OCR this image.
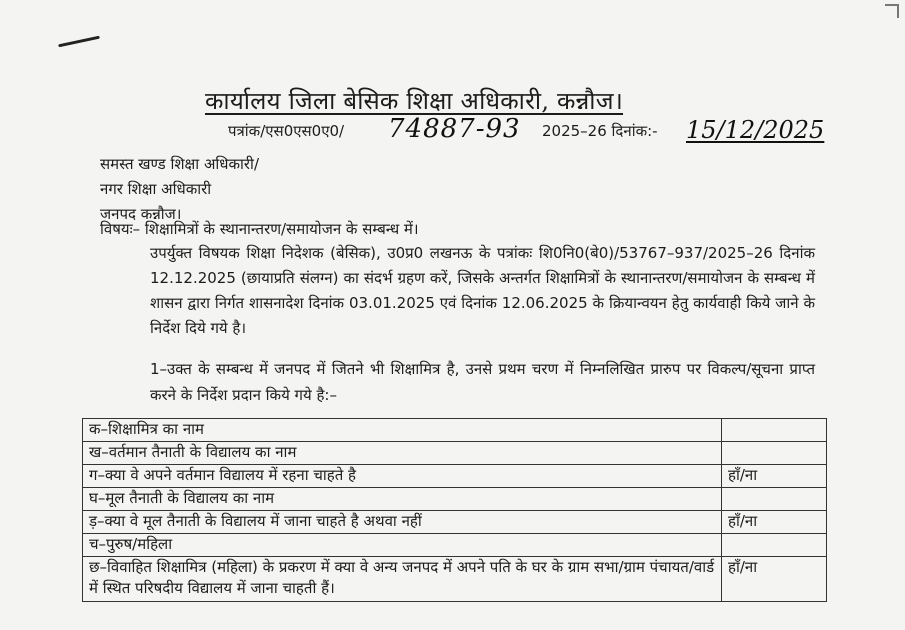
कार्यालय जिला बेसिक शिक्षा अधिकारी, कन्नौज।
पत्रांक/एस0एस0ए0/ 74887-93 2025–26 दिनांक:- 15/12/2025
समस्त खण्ड शिक्षा अधिकारी/
नगर शिक्षा अधिकारी
जनपद कन्नौज।
विषयः– शिक्षामित्रों के स्थानान्तरण/समायोजन के सम्बन्ध में।
उपर्युक्त विषयक शिक्षा निदेशक (बेसिक), उ0प्र0 लखनऊ के पत्रांकः शि0नि0(बे0)/53767–937/2025–26 दिनांक 12.12.2025 (छायाप्रति संलग्न) का संदर्भ ग्रहण करें, जिसके अन्तर्गत शिक्षामित्रों के स्थानान्तरण/समायोजन के सम्बन्ध में शासन द्वारा निर्गत शासनादेश दिनांक 03.01.2025 एवं दिनांक 12.06.2025 के क्रियान्वयन हेतु कार्यवाही किये जाने के निर्देश दिये गये है।
1–उक्त के सम्बन्ध में जनपद में जितने भी शिक्षामित्र है, उनसे प्रथम चरण में निम्नलिखित प्रारुप पर विकल्प/सूचना प्राप्त करने के निर्देश प्रदान किये गये है:–
क–शिक्षामित्र का नाम	
ख–वर्तमान तैनाती के विद्यालय का नाम	
ग–क्या वे अपने वर्तमान विद्यालय में रहना चाहते है	हाँ/ना
घ–मूल तैनाती के विद्यालय का नाम	
ड़–क्या वे मूल तैनाती के विद्यालय में जाना चाहते है अथवा नहीं	हाँ/ना
च–पुरुष/महिला	
छ–विवाहित शिक्षामित्र (महिला) के प्रकरण में क्या वे अन्य जनपद में अपने पति के घर के ग्राम सभा/ग्राम पंचायत/वार्ड में स्थित परिषदीय विद्यालय में जाना चाहती हैं।	हाँ/ना
